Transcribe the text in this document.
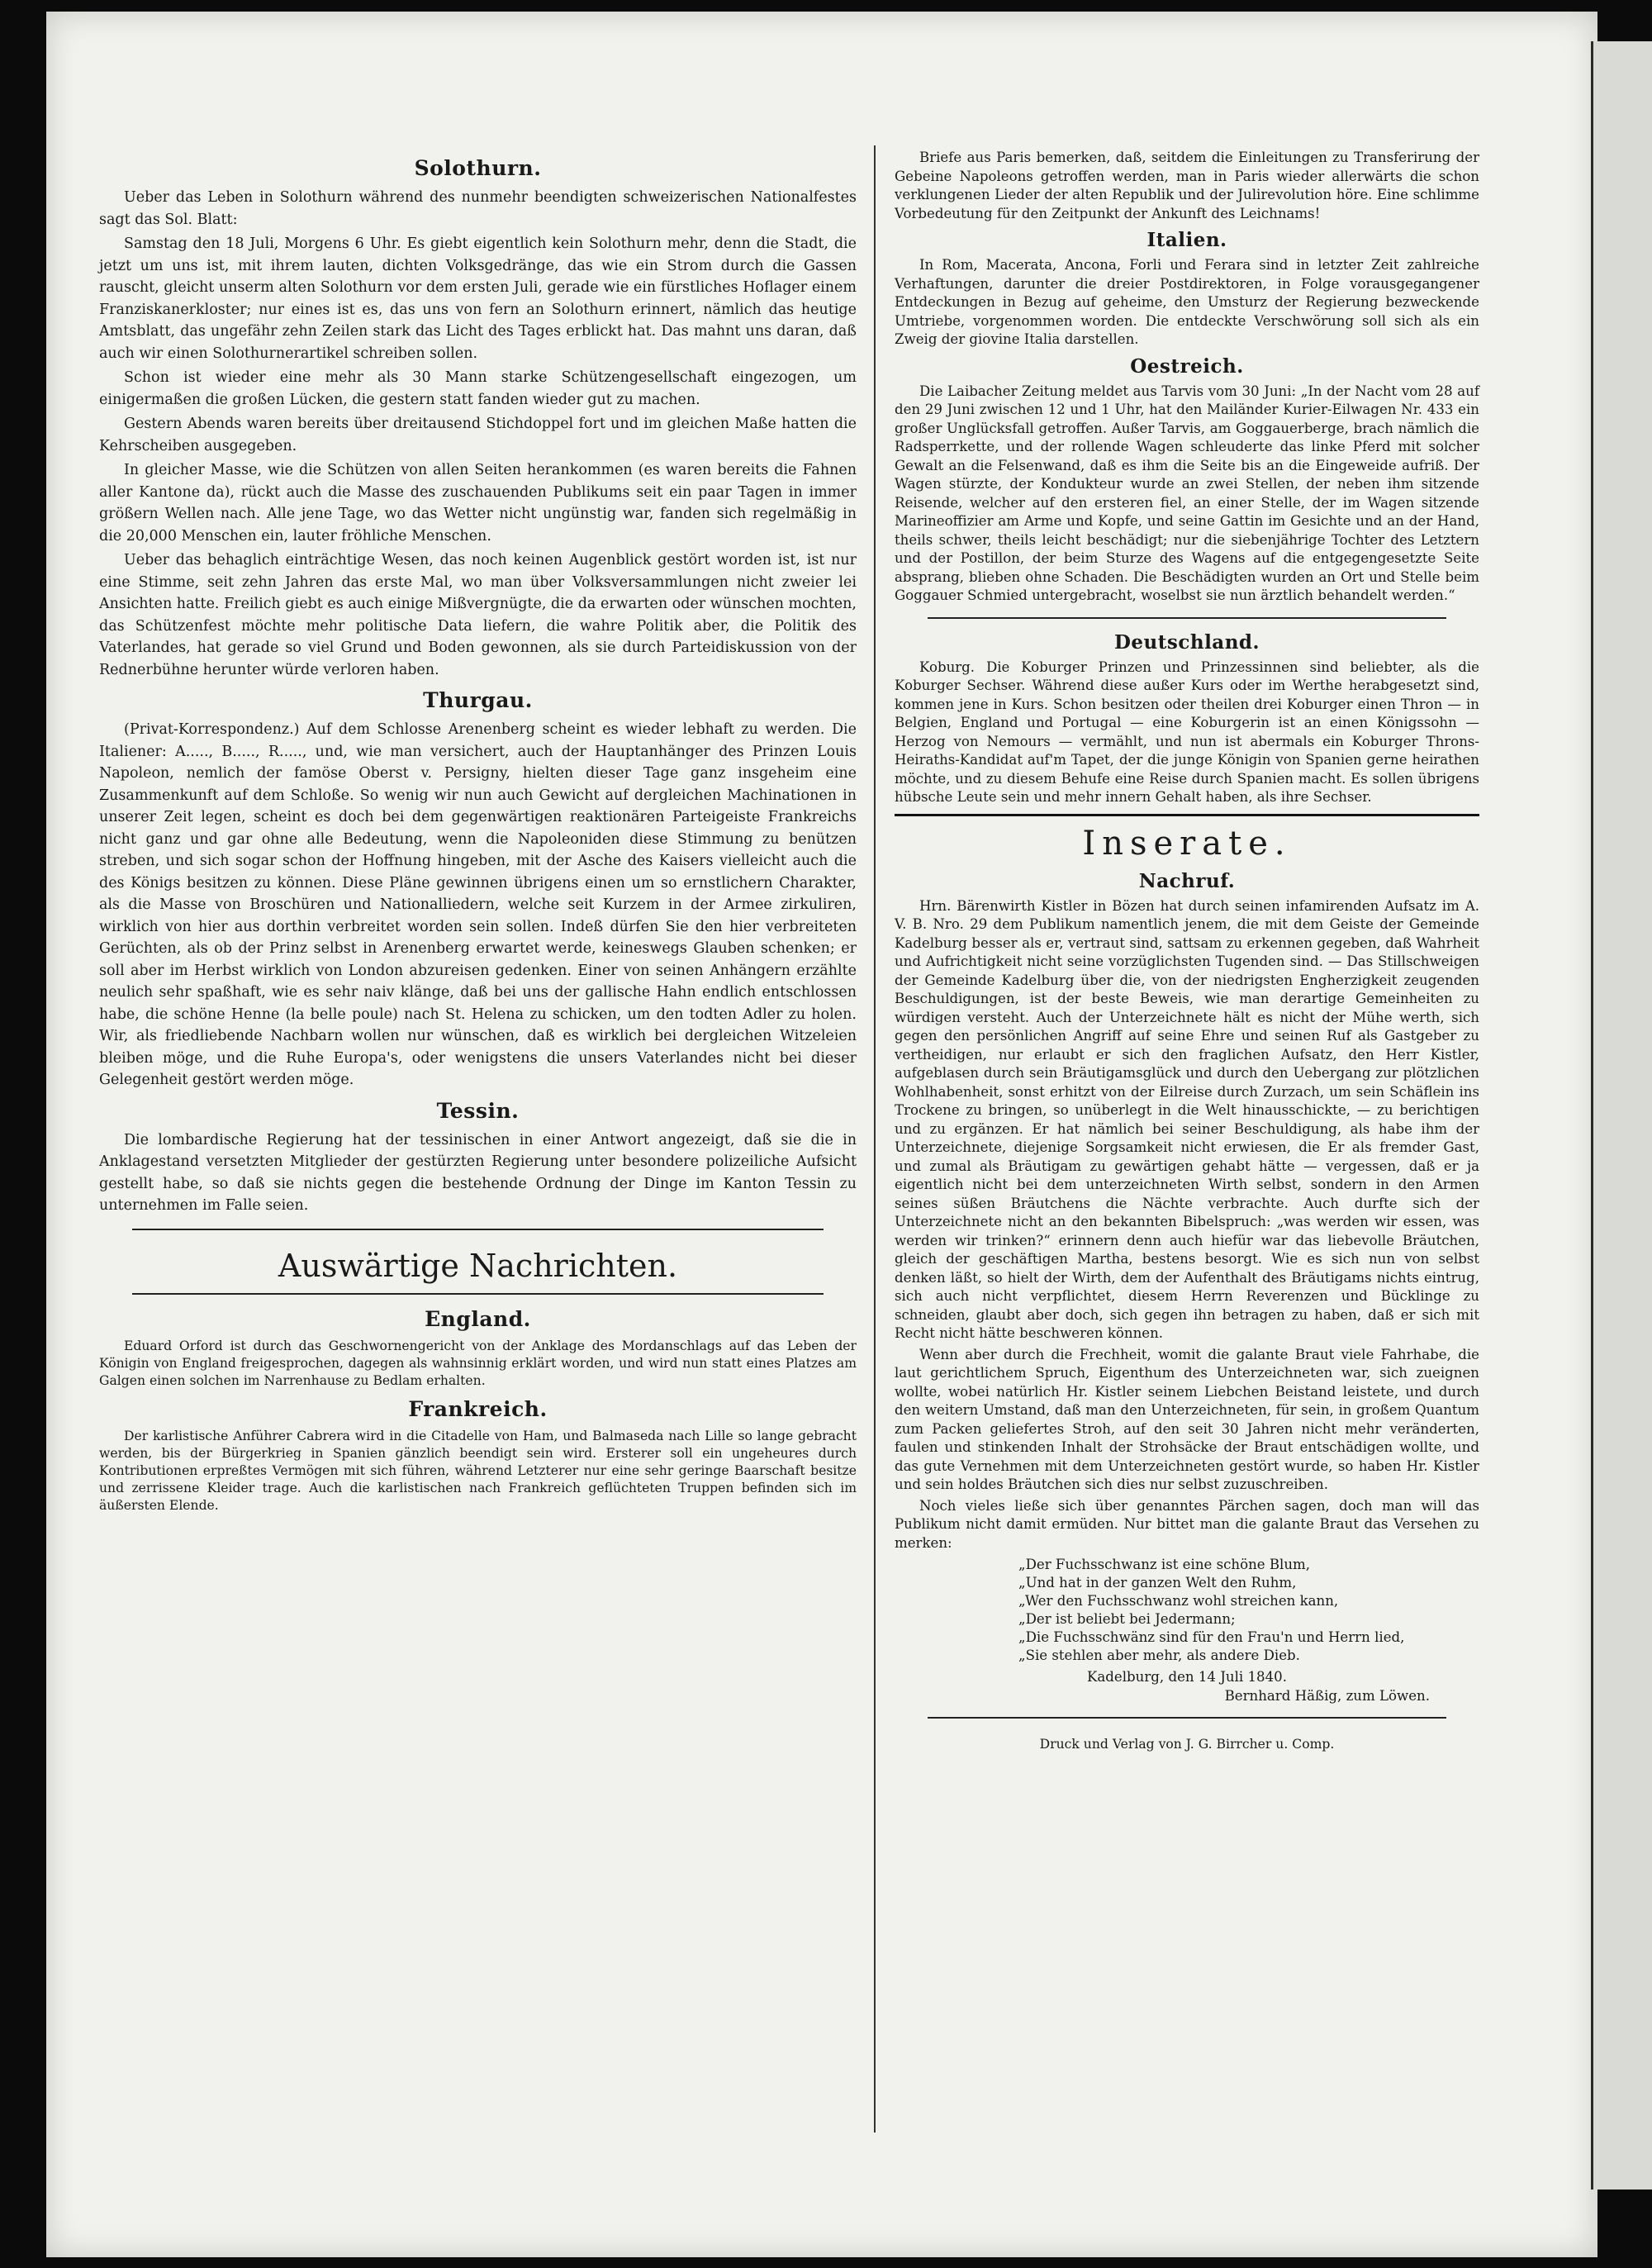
Solothurn.

Ueber das Leben in Solothurn während des nunmehr beendigten schweizerischen Nationalfestes sagt das Sol. Blatt:

Samstag den 18 Juli, Morgens 6 Uhr. Es giebt eigentlich kein Solothurn mehr, denn die Stadt, die jetzt um uns ist, mit ihrem lauten, dichten Volksgedränge, das wie ein Strom durch die Gassen rauscht, gleicht unserm alten Solothurn vor dem ersten Juli, gerade wie ein fürstliches Hoflager einem Franziskanerkloster; nur eines ist es, das uns von fern an Solothurn erinnert, nämlich das heutige Amtsblatt, das ungefähr zehn Zeilen stark das Licht des Tages erblickt hat. Das mahnt uns daran, daß auch wir einen Solothurnerartikel schreiben sollen.

Schon ist wieder eine mehr als 30 Mann starke Schützengesellschaft eingezogen, um einigermaßen die großen Lücken, die gestern statt fanden wieder gut zu machen.

Gestern Abends waren bereits über dreitausend Stichdoppel fort und im gleichen Maße hatten die Kehrscheiben ausgegeben.

In gleicher Masse, wie die Schützen von allen Seiten herankommen (es waren bereits die Fahnen aller Kantone da), rückt auch die Masse des zuschauenden Publikums seit ein paar Tagen in immer größern Wellen nach. Alle jene Tage, wo das Wetter nicht ungünstig war, fanden sich regelmäßig in die 20,000 Menschen ein, lauter fröhliche Menschen.

Ueber das behaglich einträchtige Wesen, das noch keinen Augenblick gestört worden ist, ist nur eine Stimme, seit zehn Jahren das erste Mal, wo man über Volksversammlungen nicht zweier lei Ansichten hatte. Freilich giebt es auch einige Mißvergnügte, die da erwarten oder wünschen mochten, das Schützenfest möchte mehr politische Data liefern, die wahre Politik aber, die Politik des Vaterlandes, hat gerade so viel Grund und Boden gewonnen, als sie durch Parteidiskussion von der Rednerbühne herunter würde verloren haben.

Thurgau.

(Privat-Korrespondenz.) Auf dem Schlosse Arenenberg scheint es wieder lebhaft zu werden. Die Italiener: A....., B....., R....., und, wie man versichert, auch der Hauptanhänger des Prinzen Louis Napoleon, nemlich der famöse Oberst v. Persigny, hielten dieser Tage ganz insgeheim eine Zusammenkunft auf dem Schloße. So wenig wir nun auch Gewicht auf dergleichen Machinationen in unserer Zeit legen, scheint es doch bei dem gegenwärtigen reaktionären Parteigeiste Frankreichs nicht ganz und gar ohne alle Bedeutung, wenn die Napoleoniden diese Stimmung zu benützen streben, und sich sogar schon der Hoffnung hingeben, mit der Asche des Kaisers vielleicht auch die des Königs besitzen zu können. Diese Pläne gewinnen übrigens einen um so ernstlichern Charakter, als die Masse von Broschüren und Nationalliedern, welche seit Kurzem in der Armee zirkuliren, wirklich von hier aus dorthin verbreitet worden sein sollen. Indeß dürfen Sie den hier verbreiteten Gerüchten, als ob der Prinz selbst in Arenenberg erwartet werde, keineswegs Glauben schenken; er soll aber im Herbst wirklich von London abzureisen gedenken. Einer von seinen Anhängern erzählte neulich sehr spaßhaft, wie es sehr naiv klänge, daß bei uns der gallische Hahn endlich entschlossen habe, die schöne Henne (la belle poule) nach St. Helena zu schicken, um den todten Adler zu holen. Wir, als friedliebende Nachbarn wollen nur wünschen, daß es wirklich bei dergleichen Witzeleien bleiben möge, und die Ruhe Europa's, oder wenigstens die unsers Vaterlandes nicht bei dieser Gelegenheit gestört werden möge.

Tessin.

Die lombardische Regierung hat der tessinischen in einer Antwort angezeigt, daß sie die in Anklagestand versetzten Mitglieder der gestürzten Regierung unter besondere polizeiliche Aufsicht gestellt habe, so daß sie nichts gegen die bestehende Ordnung der Dinge im Kanton Tessin zu unternehmen im Falle seien.

Auswärtige Nachrichten.
England.

Eduard Orford ist durch das Geschwornengericht von der Anklage des Mordanschlags auf das Leben der Königin von England freigesprochen, dagegen als wahnsinnig erklärt worden, und wird nun statt eines Platzes am Galgen einen solchen im Narrenhause zu Bedlam erhalten.

Frankreich.

Der karlistische Anführer Cabrera wird in die Citadelle von Ham, und Balmaseda nach Lille so lange gebracht werden, bis der Bürgerkrieg in Spanien gänzlich beendigt sein wird. Ersterer soll ein ungeheures durch Kontributionen erpreßtes Vermögen mit sich führen, während Letzterer nur eine sehr geringe Baarschaft besitze und zerrissene Kleider trage. Auch die karlistischen nach Frankreich geflüchteten Truppen befinden sich im äußersten Elende.

Briefe aus Paris bemerken, daß, seitdem die Einleitungen zu Transferirung der Gebeine Napoleons getroffen werden, man in Paris wieder allerwärts die schon verklungenen Lieder der alten Republik und der Julirevolution höre. Eine schlimme Vorbedeutung für den Zeitpunkt der Ankunft des Leichnams!

Italien.

In Rom, Macerata, Ancona, Forli und Ferara sind in letzter Zeit zahlreiche Verhaftungen, darunter die dreier Postdirektoren, in Folge vorausgegangener Entdeckungen in Bezug auf geheime, den Umsturz der Regierung bezweckende Umtriebe, vorgenommen worden. Die entdeckte Verschwörung soll sich als ein Zweig der giovine Italia darstellen.

Oestreich.

Die Laibacher Zeitung meldet aus Tarvis vom 30 Juni: „In der Nacht vom 28 auf den 29 Juni zwischen 12 und 1 Uhr, hat den Mailänder Kurier-Eilwagen Nr. 433 ein großer Unglücksfall getroffen. Außer Tarvis, am Goggauerberge, brach nämlich die Radsperrkette, und der rollende Wagen schleuderte das linke Pferd mit solcher Gewalt an die Felsenwand, daß es ihm die Seite bis an die Eingeweide aufriß. Der Wagen stürzte, der Kondukteur wurde an zwei Stellen, der neben ihm sitzende Reisende, welcher auf den ersteren fiel, an einer Stelle, der im Wagen sitzende Marineoffizier am Arme und Kopfe, und seine Gattin im Gesichte und an der Hand, theils schwer, theils leicht beschädigt; nur die siebenjährige Tochter des Letztern und der Postillon, der beim Sturze des Wagens auf die entgegengesetzte Seite absprang, blieben ohne Schaden. Die Beschädigten wurden an Ort und Stelle beim Goggauer Schmied untergebracht, woselbst sie nun ärztlich behandelt werden.“

Deutschland.

Koburg. Die Koburger Prinzen und Prinzessinnen sind beliebter, als die Koburger Sechser. Während diese außer Kurs oder im Werthe herabgesetzt sind, kommen jene in Kurs. Schon besitzen oder theilen drei Koburger einen Thron — in Belgien, England und Portugal — eine Koburgerin ist an einen Königssohn — Herzog von Nemours — vermählt, und nun ist abermals ein Koburger Throns-Heiraths-Kandidat auf'm Tapet, der die junge Königin von Spanien gerne heirathen möchte, und zu diesem Behufe eine Reise durch Spanien macht. Es sollen übrigens hübsche Leute sein und mehr innern Gehalt haben, als ihre Sechser.

Inserate.
Nachruf.

Hrn. Bärenwirth Kistler in Bözen hat durch seinen infamirenden Aufsatz im A. V. B. Nro. 29 dem Publikum namentlich jenem, die mit dem Geiste der Gemeinde Kadelburg besser als er, vertraut sind, sattsam zu erkennen gegeben, daß Wahrheit und Aufrichtigkeit nicht seine vorzüglichsten Tugenden sind. — Das Stillschweigen der Gemeinde Kadelburg über die, von der niedrigsten Engherzigkeit zeugenden Beschuldigungen, ist der beste Beweis, wie man derartige Gemeinheiten zu würdigen versteht. Auch der Unterzeichnete hält es nicht der Mühe werth, sich gegen den persönlichen Angriff auf seine Ehre und seinen Ruf als Gastgeber zu vertheidigen, nur erlaubt er sich den fraglichen Aufsatz, den Herr Kistler, aufgeblasen durch sein Bräutigamsglück und durch den Uebergang zur plötzlichen Wohlhabenheit, sonst erhitzt von der Eilreise durch Zurzach, um sein Schäflein ins Trockene zu bringen, so unüberlegt in die Welt hinausschickte, — zu berichtigen und zu ergänzen. Er hat nämlich bei seiner Beschuldigung, als habe ihm der Unterzeichnete, diejenige Sorgsamkeit nicht erwiesen, die Er als fremder Gast, und zumal als Bräutigam zu gewärtigen gehabt hätte — vergessen, daß er ja eigentlich nicht bei dem unterzeichneten Wirth selbst, sondern in den Armen seines süßen Bräutchens die Nächte verbrachte. Auch durfte sich der Unterzeichnete nicht an den bekannten Bibelspruch: „was werden wir essen, was werden wir trinken?“ erinnern denn auch hiefür war das liebevolle Bräutchen, gleich der geschäftigen Martha, bestens besorgt. Wie es sich nun von selbst denken läßt, so hielt der Wirth, dem der Aufenthalt des Bräutigams nichts eintrug, sich auch nicht verpflichtet, diesem Herrn Reverenzen und Bücklinge zu schneiden, glaubt aber doch, sich gegen ihn betragen zu haben, daß er sich mit Recht nicht hätte beschweren können.

Wenn aber durch die Frechheit, womit die galante Braut viele Fahrhabe, die laut gerichtlichem Spruch, Eigenthum des Unterzeichneten war, sich zueignen wollte, wobei natürlich Hr. Kistler seinem Liebchen Beistand leistete, und durch den weitern Umstand, daß man den Unterzeichneten, für sein, in großem Quantum zum Packen geliefertes Stroh, auf den seit 30 Jahren nicht mehr veränderten, faulen und stinkenden Inhalt der Strohsäcke der Braut entschädigen wollte, und das gute Vernehmen mit dem Unterzeichneten gestört wurde, so haben Hr. Kistler und sein holdes Bräutchen sich dies nur selbst zuzuschreiben.

Noch vieles ließe sich über genanntes Pärchen sagen, doch man will das Publikum nicht damit ermüden. Nur bittet man die galante Braut das Versehen zu merken:

„Der Fuchsschwanz ist eine schöne Blum,
„Und hat in der ganzen Welt den Ruhm,
„Wer den Fuchsschwanz wohl streichen kann,
„Der ist beliebt bei Jedermann;
„Die Fuchsschwänz sind für den Frau'n und Herrn lied,
„Sie stehlen aber mehr, als andere Dieb.
Kadelburg, den 14 Juli 1840.
Bernhard Häßig, zum Löwen.
Druck und Verlag von J. G. Birrcher u. Comp.
